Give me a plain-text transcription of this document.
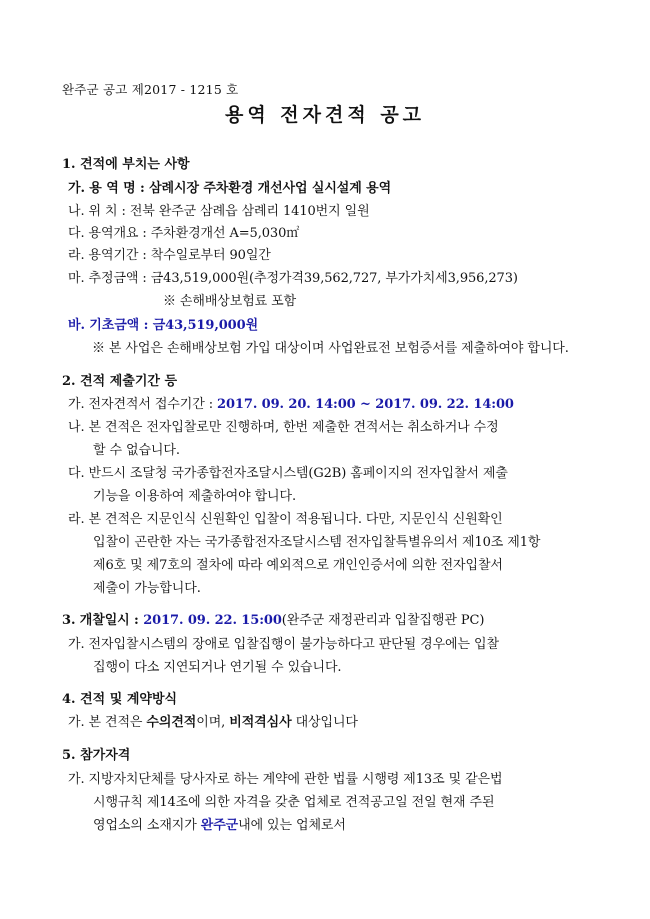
완주군 공고 제2017 - 1215 호
용역 전자견적 공고
1. 견적에 부치는 사항
가. 용 역 명 : 삼례시장 주차환경 개선사업 실시설계 용역
나. 위 치 : 전북 완주군 삼례읍 삼례리 1410번지 일원
다. 용역개요 : 주차환경개선 A=5,030㎡
라. 용역기간 : 착수일로부터 90일간
마. 추정금액 : 금43,519,000원(추정가격39,562,727, 부가가치세3,956,273)
※ 손해배상보험료 포함
바. 기초금액 : 금43,519,000원
※ 본 사업은 손해배상보험 가입 대상이며 사업완료전 보험증서를 제출하여야 합니다.
2. 견적 제출기간 등
가. 전자견적서 접수기간 : 2017. 09. 20. 14:00 ~ 2017. 09. 22. 14:00
나. 본 견적은 전자입찰로만 진행하며, 한번 제출한 견적서는 취소하거나 수정
할 수 없습니다.
다. 반드시 조달청 국가종합전자조달시스템(G2B) 홈페이지의 전자입찰서 제출
기능을 이용하여 제출하여야 합니다.
라. 본 견적은 지문인식 신원확인 입찰이 적용됩니다. 다만, 지문인식 신원확인
입찰이 곤란한 자는 국가종합전자조달시스템 전자입찰특별유의서 제10조 제1항
제6호 및 제7호의 절차에 따라 예외적으로 개인인증서에 의한 전자입찰서
제출이 가능합니다.
3. 개찰일시 : 2017. 09. 22. 15:00(완주군 재정관리과 입찰집행관 PC)
가. 전자입찰시스템의 장애로 입찰집행이 불가능하다고 판단될 경우에는 입찰
집행이 다소 지연되거나 연기될 수 있습니다.
4. 견적 및 계약방식
가. 본 견적은 수의견적이며, 비적격심사 대상입니다
5. 참가자격
가. 지방자치단체를 당사자로 하는 계약에 관한 법률 시행령 제13조 및 같은법
시행규칙 제14조에 의한 자격을 갖춘 업체로 견적공고일 전일 현재 주된
영업소의 소재지가 완주군내에 있는 업체로서
